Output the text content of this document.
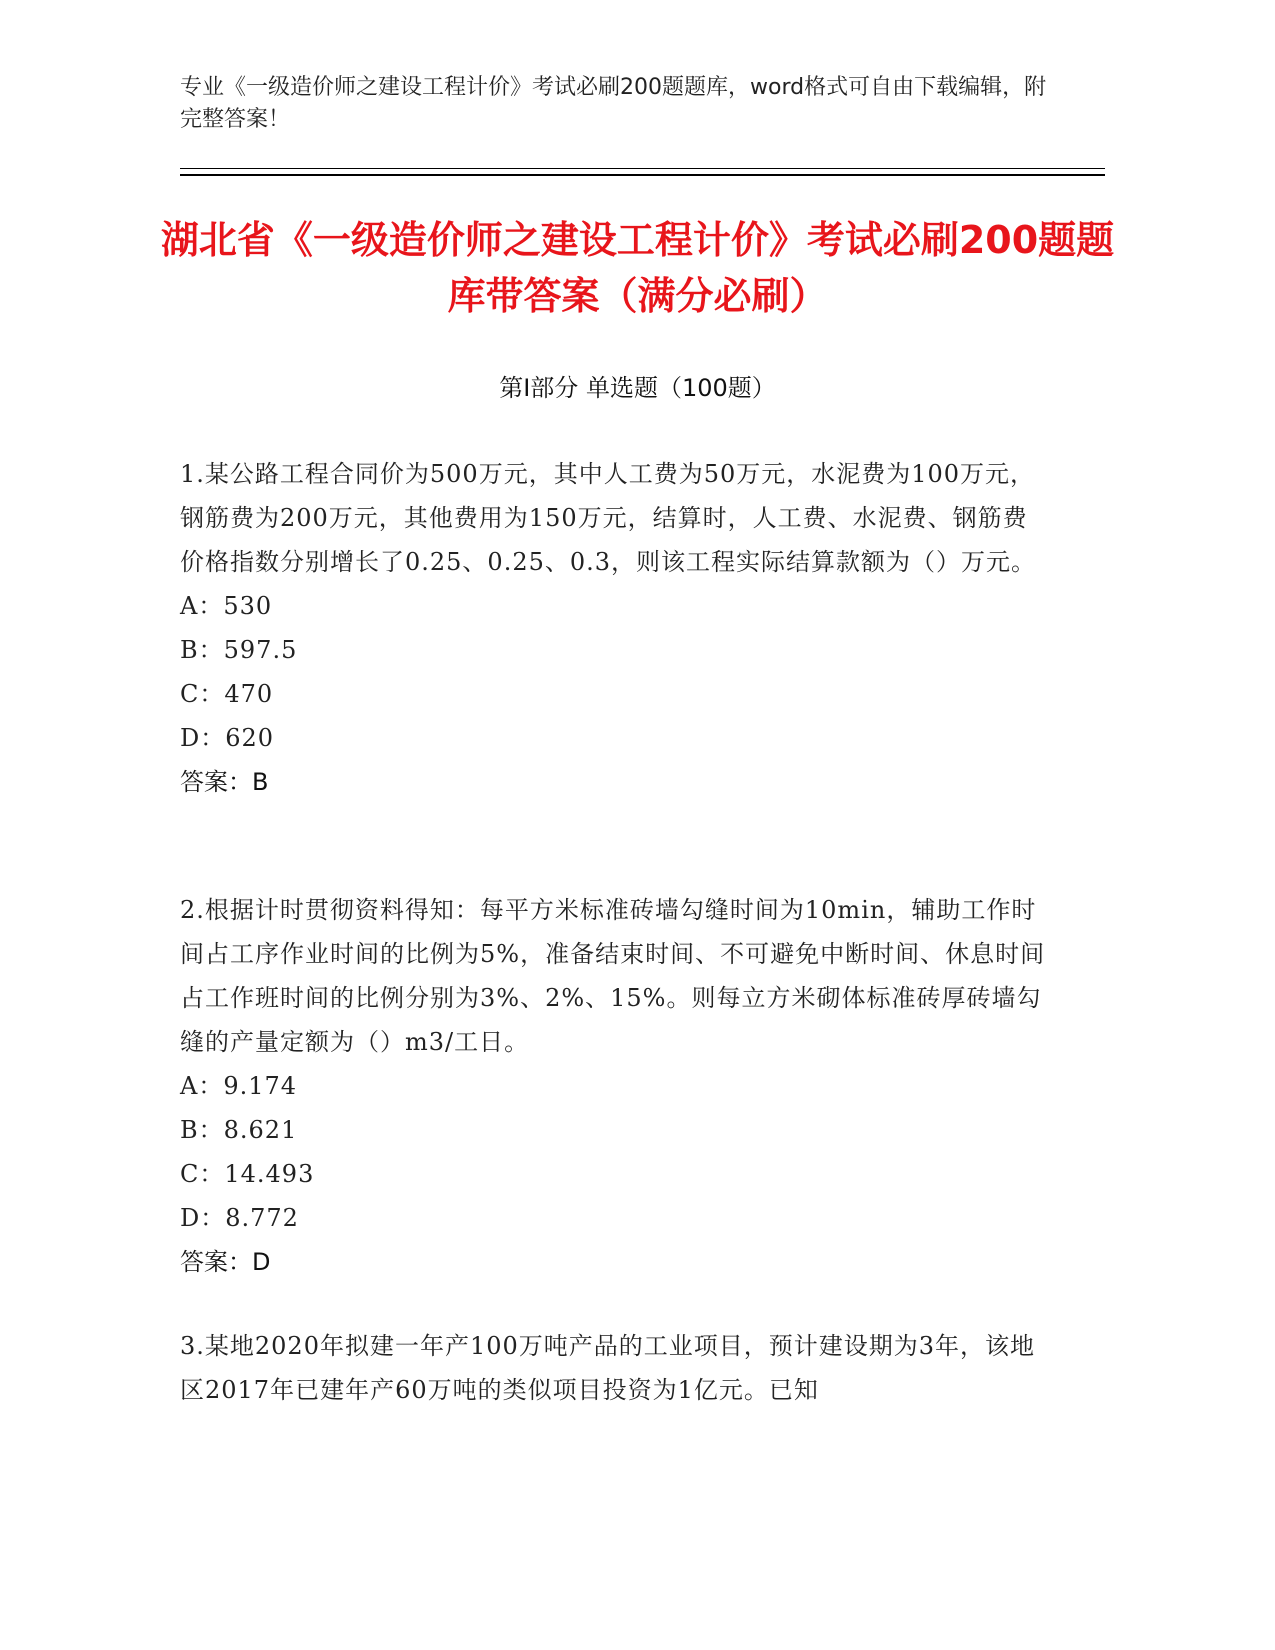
专业《一级造价师之建设工程计价》考试必刷200题题库，word格式可自由下载编辑，附完整答案！
湖北省《一级造价师之建设工程计价》考试必刷200题题库带答案（满分必刷）
第I部分 单选题（100题）
1.某公路工程合同价为500万元，其中人工费为50万元，水泥费为100万元，钢筋费为200万元，其他费用为150万元，结算时，人工费、水泥费、钢筋费价格指数分别增长了0.25、0.25、0.3，则该工程实际结算款额为（）万元。
A：530
B：597.5
C：470
D：620
答案：B
2.根据计时贯彻资料得知：每平方米标准砖墙勾缝时间为10min，辅助工作时间占工序作业时间的比例为5%，准备结束时间、不可避免中断时间、休息时间占工作班时间的比例分别为3%、2%、15%。则每立方米砌体标准砖厚砖墙勾缝的产量定额为（）m3/工日。
A：9.174
B：8.621
C：14.493
D：8.772
答案：D
3.某地2020年拟建一年产100万吨产品的工业项目，预计建设期为3年，该地区2017年已建年产60万吨的类似项目投资为1亿元。已知
